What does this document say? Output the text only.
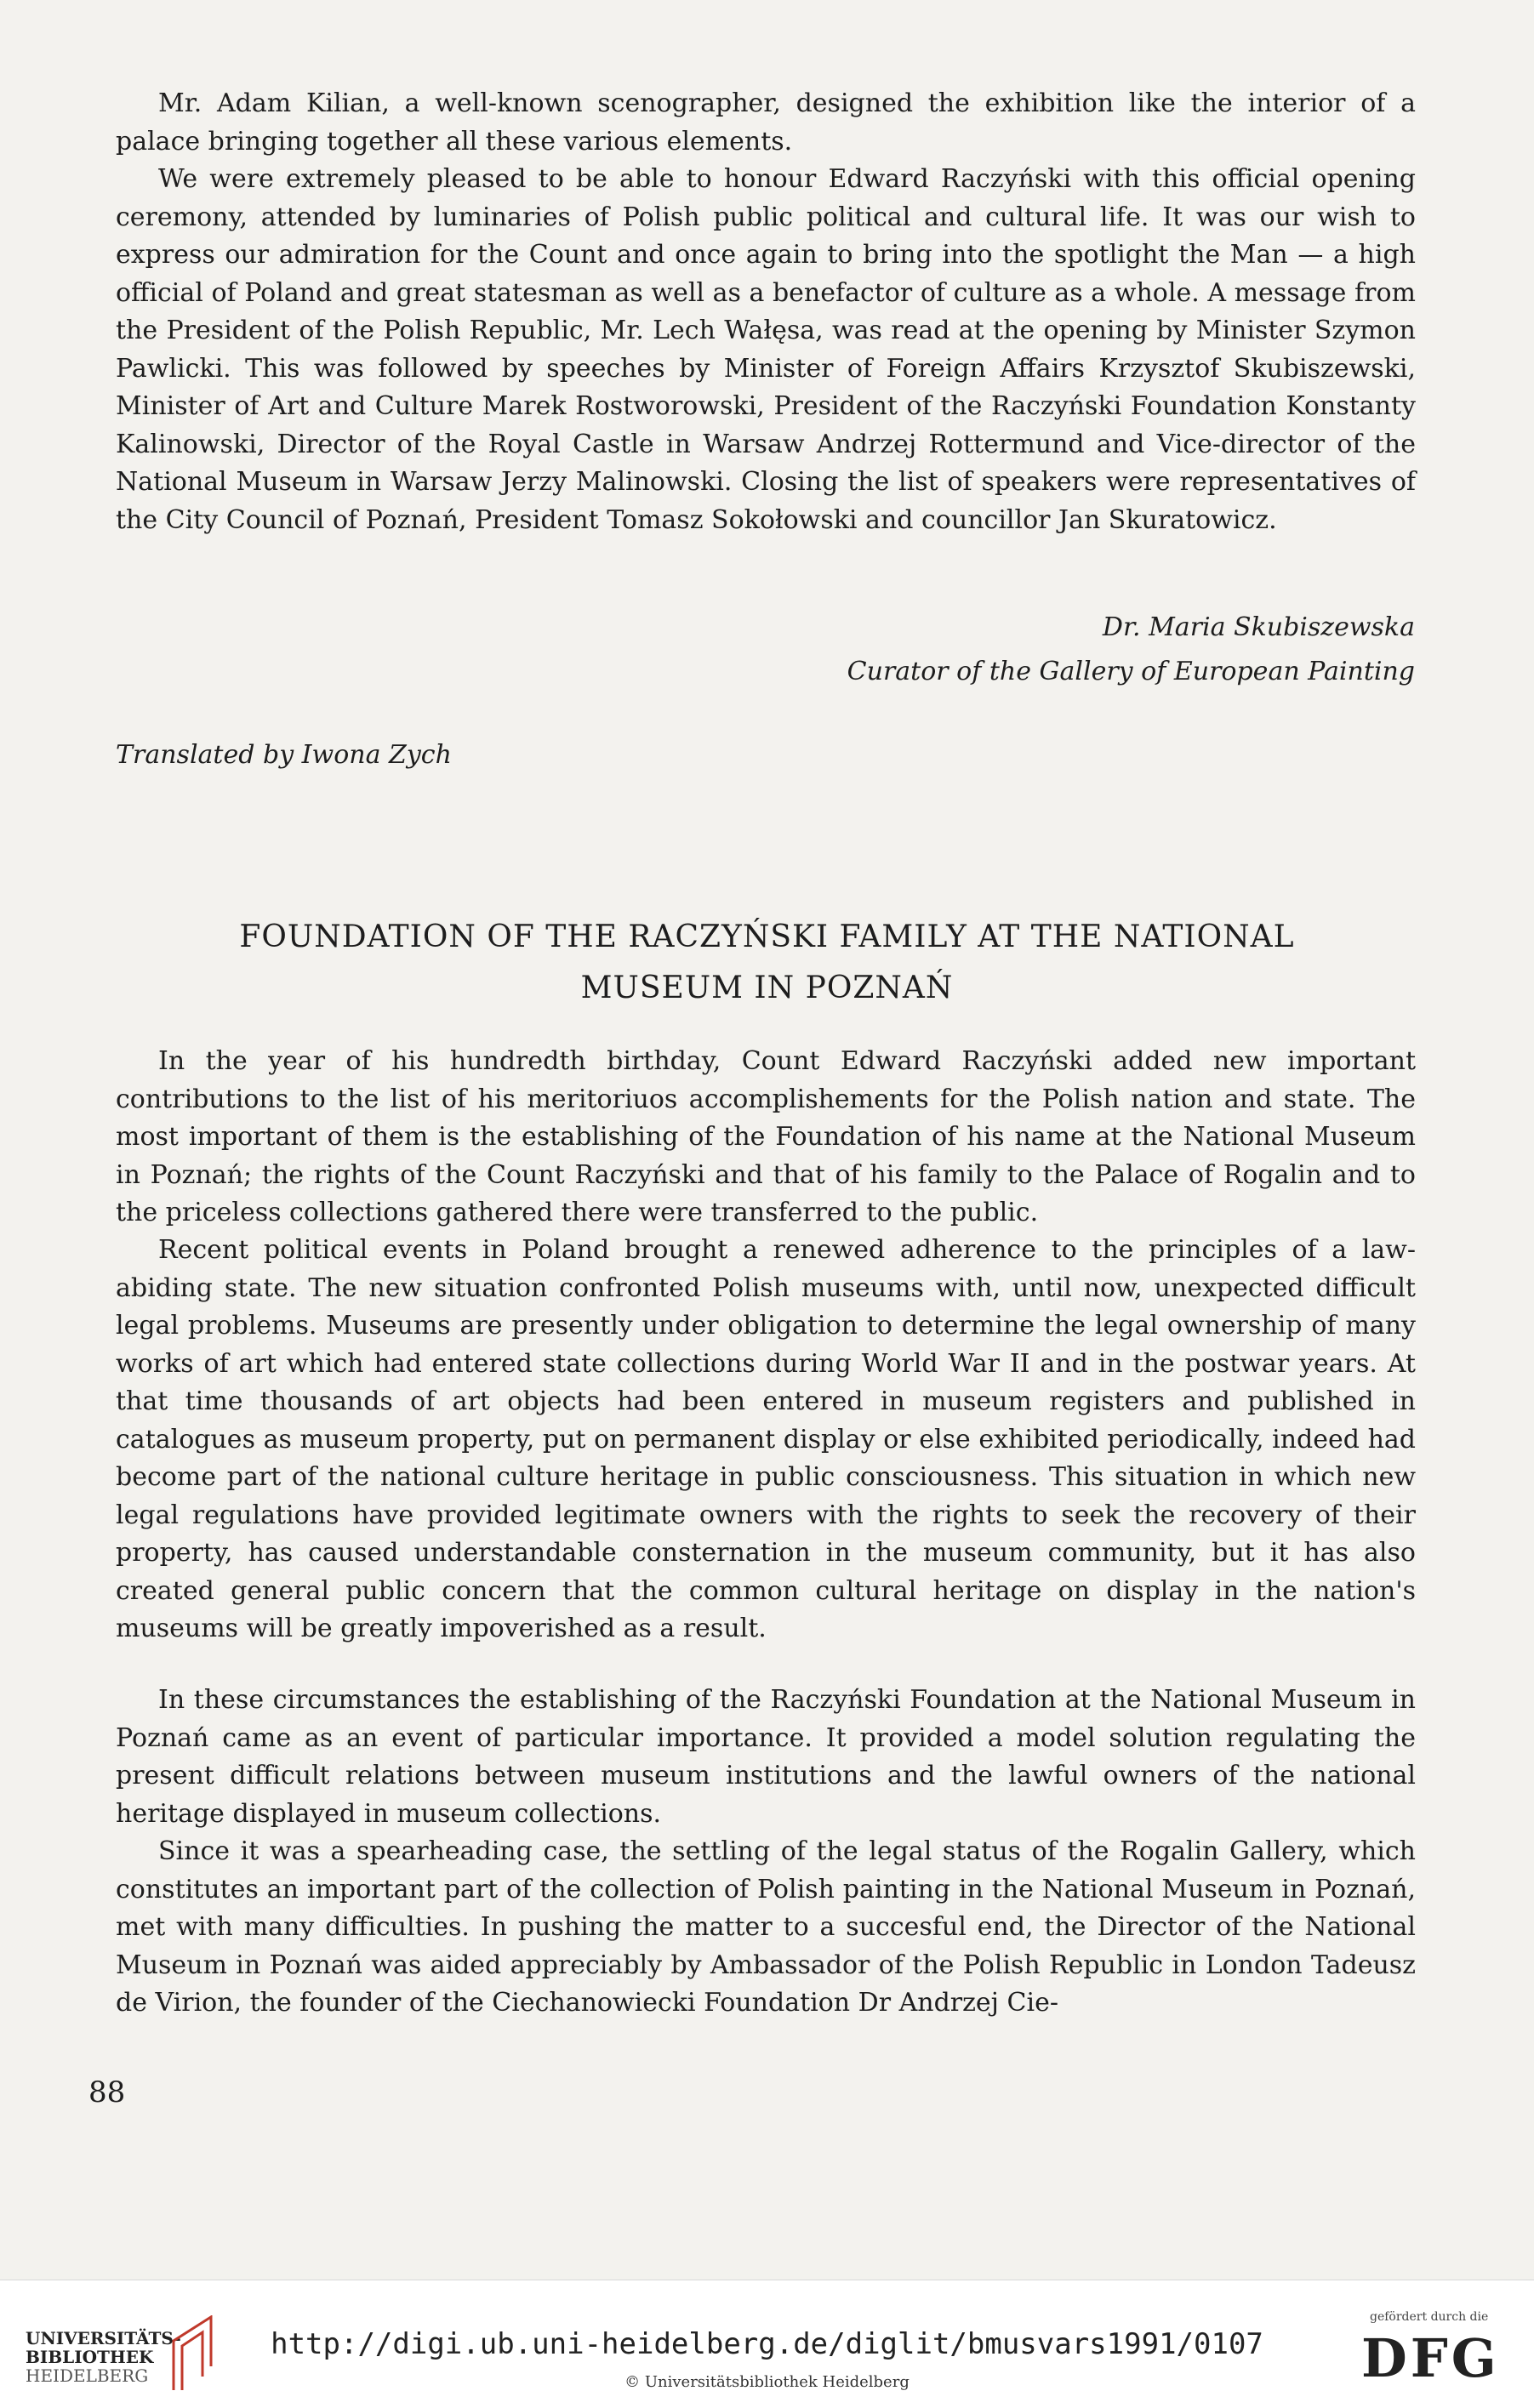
Mr. Adam Kilian, a well-known scenographer, designed the exhibition like the interior of a palace bringing together all these various elements.

We were extremely pleased to be able to honour Edward Raczyński with this official opening ceremony, attended by luminaries of Polish public political and cultural life. It was our wish to express our admiration for the Count and once again to bring into the spotlight the Man — a high official of Poland and great statesman as well as a benefactor of culture as a whole. A message from the President of the Polish Republic, Mr. Lech Wałęsa, was read at the opening by Minister Szymon Pawlicki. This was followed by speeches by Minister of Foreign Affairs Krzysztof Skubiszewski, Minister of Art and Culture Marek Rostworowski, President of the Raczyński Foundation Konstanty Kalinowski, Director of the Royal Castle in Warsaw Andrzej Rottermund and Vice-director of the National Museum in Warsaw Jerzy Malinowski. Closing the list of speakers were representatives of the City Council of Poznań, President Tomasz Sokołowski and councillor Jan Skuratowicz.

Dr. Maria Skubiszewska
Curator of the Gallery of European Painting
Translated by Iwona Zych
FOUNDATION OF THE RACZYŃSKI FAMILY AT THE NATIONAL
MUSEUM IN POZNAŃ

In the year of his hundredth birthday, Count Edward Raczyński added new important contributions to the list of his meritoriuos accomplishements for the Polish nation and state. The most important of them is the establishing of the Foundation of his name at the National Museum in Poznań; the rights of the Count Raczyński and that of his family to the Palace of Rogalin and to the priceless collections gathered there were transferred to the public.

Recent political events in Poland brought a renewed adherence to the principles of a law-abiding state. The new situation confronted Polish museums with, until now, unexpected difficult legal problems. Museums are presently under obligation to determine the legal ownership of many works of art which had entered state collections during World War II and in the postwar years. At that time thousands of art objects had been entered in museum registers and published in catalogues as museum property, put on permanent display or else exhibited periodically, indeed had become part of the national culture heritage in public consciousness. This situation in which new legal regulations have provided legitimate owners with the rights to seek the recovery of their property, has caused understandable consternation in the museum community, but it has also created general public concern that the common cultural heritage on display in the nation's museums will be greatly impoverished as a result.

In these circumstances the establishing of the Raczyński Foundation at the National Museum in Poznań came as an event of particular importance. It provided a model solution regulating the present difficult relations between museum institutions and the lawful owners of the national heritage displayed in museum collections.

Since it was a spearheading case, the settling of the legal status of the Rogalin Gallery, which constitutes an important part of the collection of Polish painting in the National Museum in Poznań, met with many difficulties. In pushing the matter to a succesful end, the Director of the National Museum in Poznań was aided appreciably by Ambassador of the Polish Republic in London Tadeusz de Virion, the founder of the Ciechanowiecki Foundation Dr Andrzej Cie-

88
UNIVERSITÄTS-
BIBLIOTHEK
HEIDELBERG
http://digi.ub.uni-heidelberg.de/diglit/bmusvars1991/0107
© Universitätsbibliothek Heidelberg
gefördert durch die
DFG
